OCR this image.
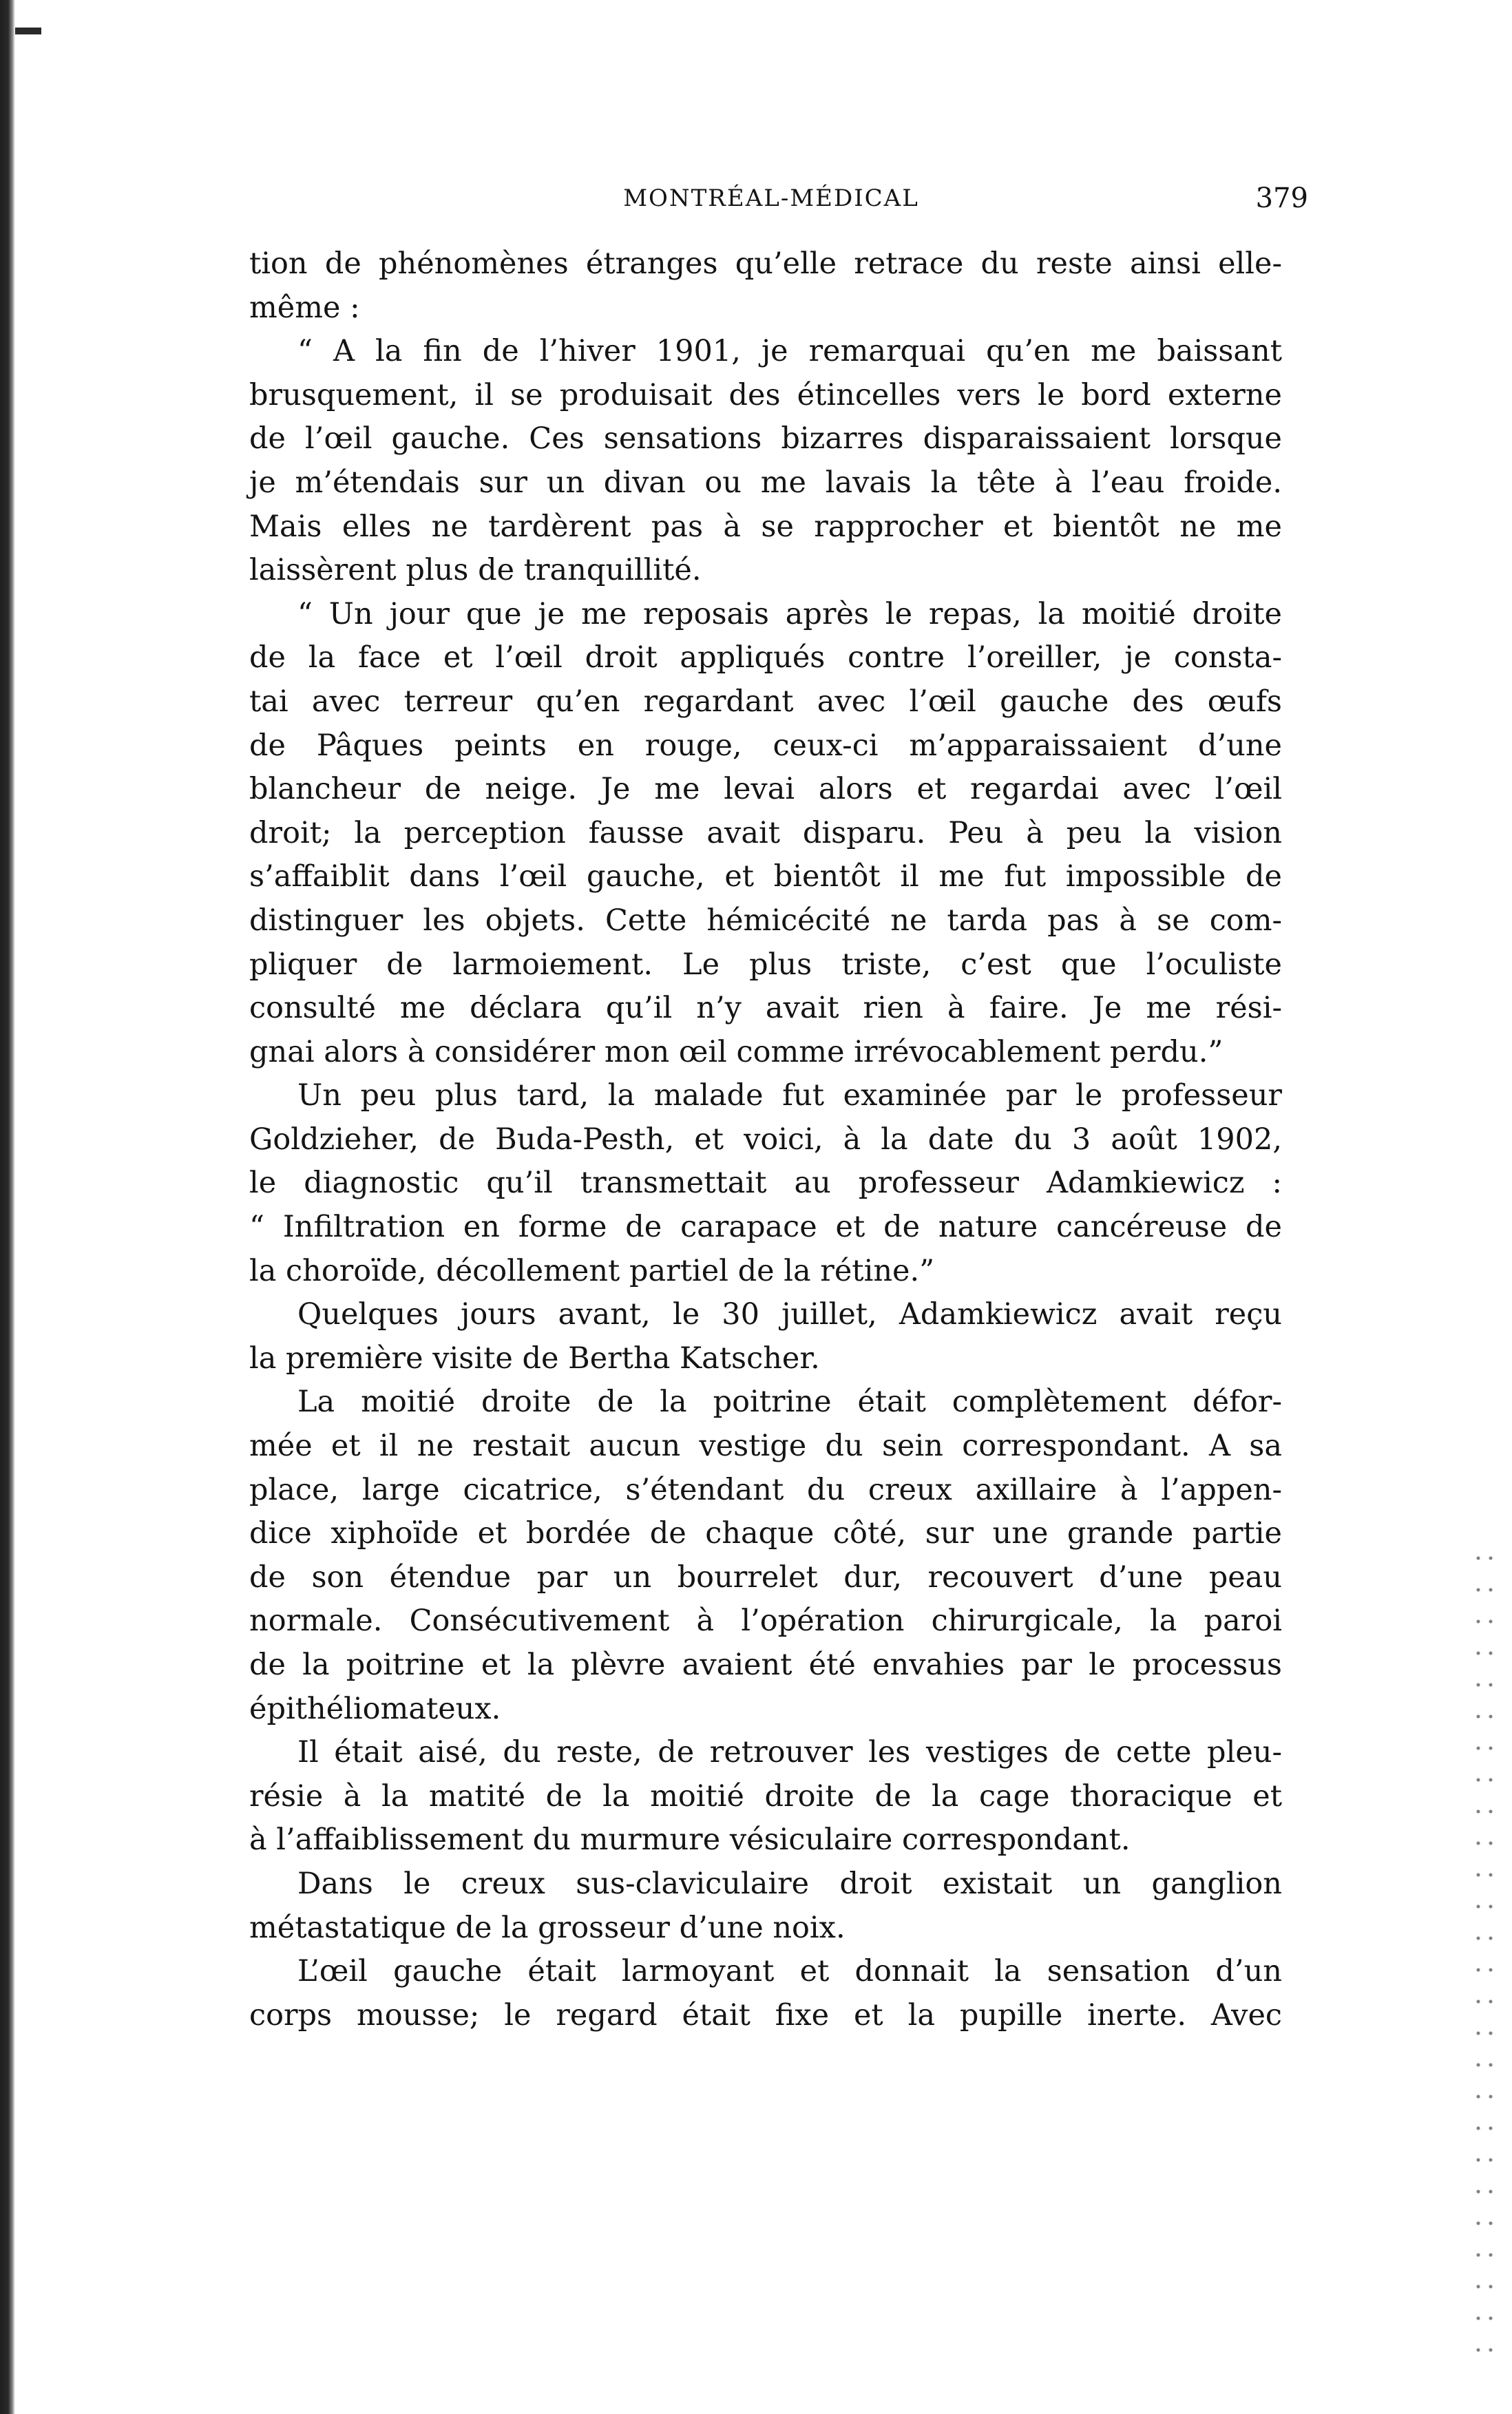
MONTRÉAL-MÉDICAL	379
tion de phénomènes étranges qu’elle retrace du reste ainsi elle-
même :
“ A la fin de l’hiver 1901, je remarquai qu’en me baissant
brusquement, il se produisait des étincelles vers le bord externe
de l’œil gauche. Ces sensations bizarres disparaissaient lorsque
je m’étendais sur un divan ou me lavais la tête à l’eau froide.
Mais elles ne tardèrent pas à se rapprocher et bientôt ne me
laissèrent plus de tranquillité.
“ Un jour que je me reposais après le repas, la moitié droite
de la face et l’œil droit appliqués contre l’oreiller, je consta-
tai avec terreur qu’en regardant avec l’œil gauche des œufs
de Pâques peints en rouge, ceux-ci m’apparaissaient d’une
blancheur de neige. Je me levai alors et regardai avec l’œil
droit; la perception fausse avait disparu. Peu à peu la vision
s’affaiblit dans l’œil gauche, et bientôt il me fut impossible de
distinguer les objets. Cette hémicécité ne tarda pas à se com-
pliquer de larmoiement. Le plus triste, c’est que l’oculiste
consulté me déclara qu’il n’y avait rien à faire. Je me rési-
gnai alors à considérer mon œil comme irrévocablement perdu.”
Un peu plus tard, la malade fut examinée par le professeur
Goldzieher, de Buda-Pesth, et voici, à la date du 3 août 1902,
le diagnostic qu’il transmettait au professeur Adamkiewicz :
“ Infiltration en forme de carapace et de nature cancéreuse de
la choroïde, décollement partiel de la rétine.”
Quelques jours avant, le 30 juillet, Adamkiewicz avait reçu
la première visite de Bertha Katscher.
La moitié droite de la poitrine était complètement défor-
mée et il ne restait aucun vestige du sein correspondant. A sa
place, large cicatrice, s’étendant du creux axillaire à l’appen-
dice xiphoïde et bordée de chaque côté, sur une grande partie
de son étendue par un bourrelet dur, recouvert d’une peau
normale. Consécutivement à l’opération chirurgicale, la paroi
de la poitrine et la plèvre avaient été envahies par le processus
épithéliomateux.
Il était aisé, du reste, de retrouver les vestiges de cette pleu-
résie à la matité de la moitié droite de la cage thoracique et
à l’affaiblissement du murmure vésiculaire correspondant.
Dans le creux sus-claviculaire droit existait un ganglion
métastatique de la grosseur d’une noix.
L’œil gauche était larmoyant et donnait la sensation d’un
corps mousse; le regard était fixe et la pupille inerte. Avec
